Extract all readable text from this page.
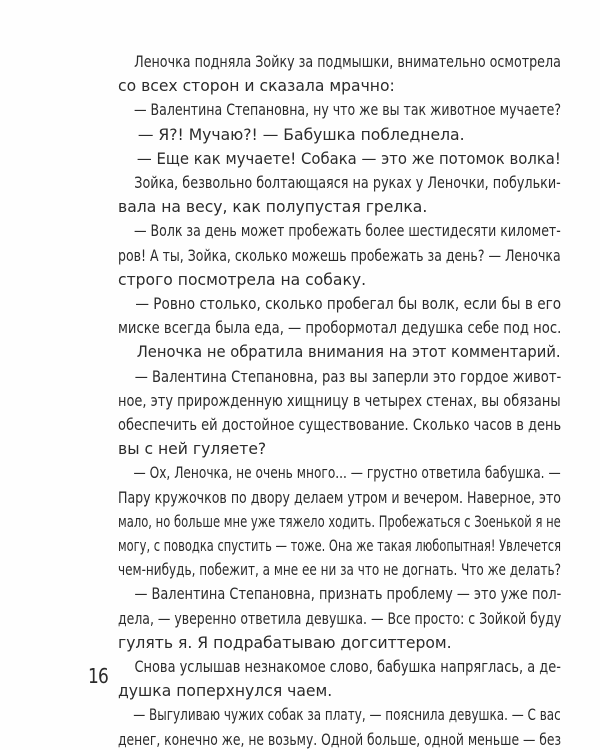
Леночка подняла Зойку за подмышки, внимательно осмотрела
со всех сторон и сказала мрачно:

— Валентина Степановна, ну что же вы так животное мучаете?

— Я?! Мучаю?! — Бабушка побледнела.

— Еще как мучаете! Собака — это же потомок волка!

Зойка, безвольно болтающаяся на руках у Леночки, побульки-
вала на весу, как полупустая грелка.

— Волк за день может пробежать более шестидесяти километ-
ров! А ты, Зойка, сколько можешь пробежать за день? — Леночка
строго посмотрела на собаку.

— Ровно столько, сколько пробегал бы волк, если бы в его
миске всегда была еда, — пробормотал дедушка себе под нос.

Леночка не обратила внимания на этот комментарий.

— Валентина Степановна, раз вы заперли это гордое живот-
ное, эту прирожденную хищницу в четырех стенах, вы обязаны
обеспечить ей достойное существование. Сколько часов в день
вы с ней гуляете?

— Ох, Леночка, не очень много... — грустно ответила бабушка. —
Пару кружочков по двору делаем утром и вечером. Наверное, это
мало, но больше мне уже тяжело ходить. Пробежаться с Зоенькой я не
могу, с поводка спустить — тоже. Она же такая любопытная! Увлечется
чем-нибудь, побежит, а мне ее ни за что не догнать. Что же делать?

— Валентина Степановна, признать проблему — это уже пол-
дела, — уверенно ответила девушка. — Все просто: с Зойкой буду
гулять я. Я подрабатываю догситтером.

Снова услышав незнакомое слово, бабушка напряглась, а де-
душка поперхнулся чаем.

— Выгуливаю чужих собак за плату, — пояснила девушка. — С вас
денег, конечно же, не возьму. Одной больше, одной меньше — без

16
